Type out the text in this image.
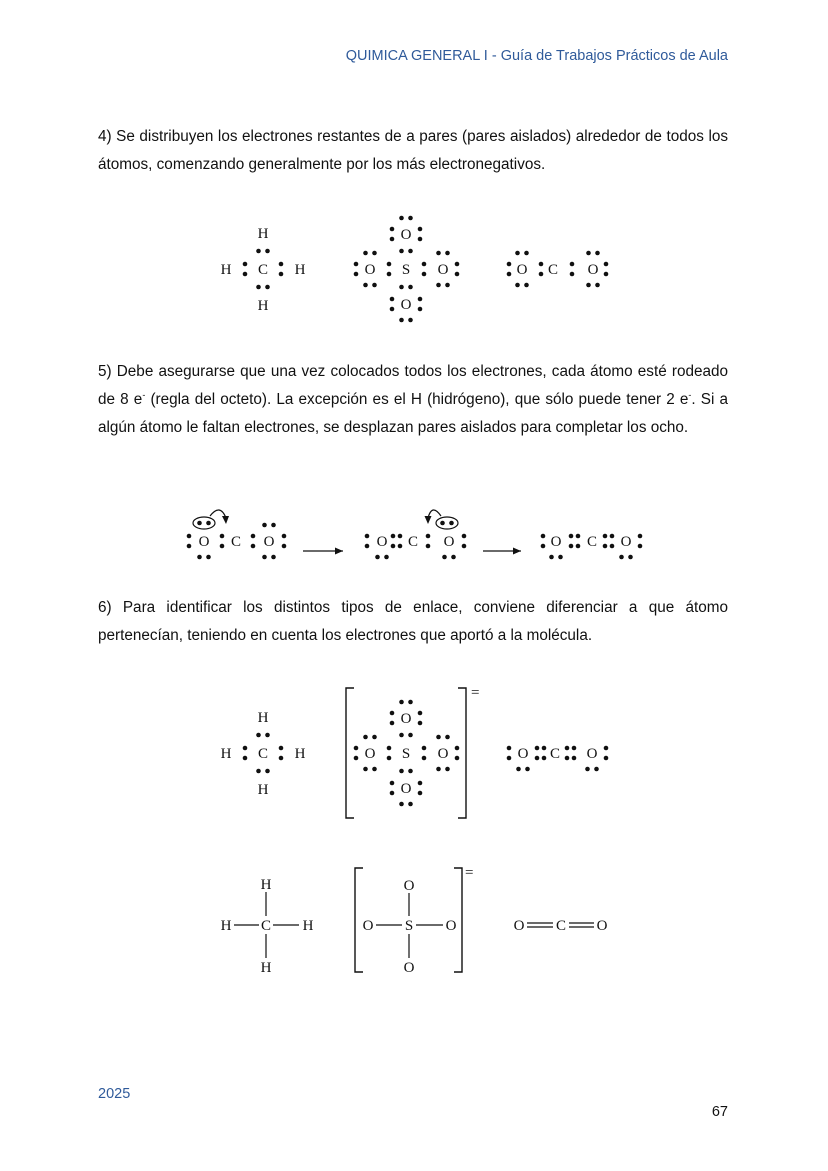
QUIMICA GENERAL I - Guía de Trabajos Prácticos de Aula
4) Se distribuyen los electrones restantes de a pares (pares aislados) alrededor de todos los átomos, comenzando generalmente por los más electronegativos.
5) Debe asegurarse que una vez colocados todos los electrones, cada átomo esté rodeado de 8 e- (regla del octeto). La excepción es el H (hidrógeno), que sólo puede tener 2 e-. Si a algún átomo le faltan electrones, se desplazan pares aislados para completar los ocho.
6) Para identificar los distintos tipos de enlace, conviene diferenciar a que átomo pertenecían, teniendo en cuenta los electrones que aportó a la molécula.
C
H
H	H
H
S
O
O	O
O
O C O
O C O	O C O	O C O
C
H
H	H
H
S
O
O	O
O
=
O C O
C
H
H	H
H
S
O
O	O
O
=
O C O
2025
67
